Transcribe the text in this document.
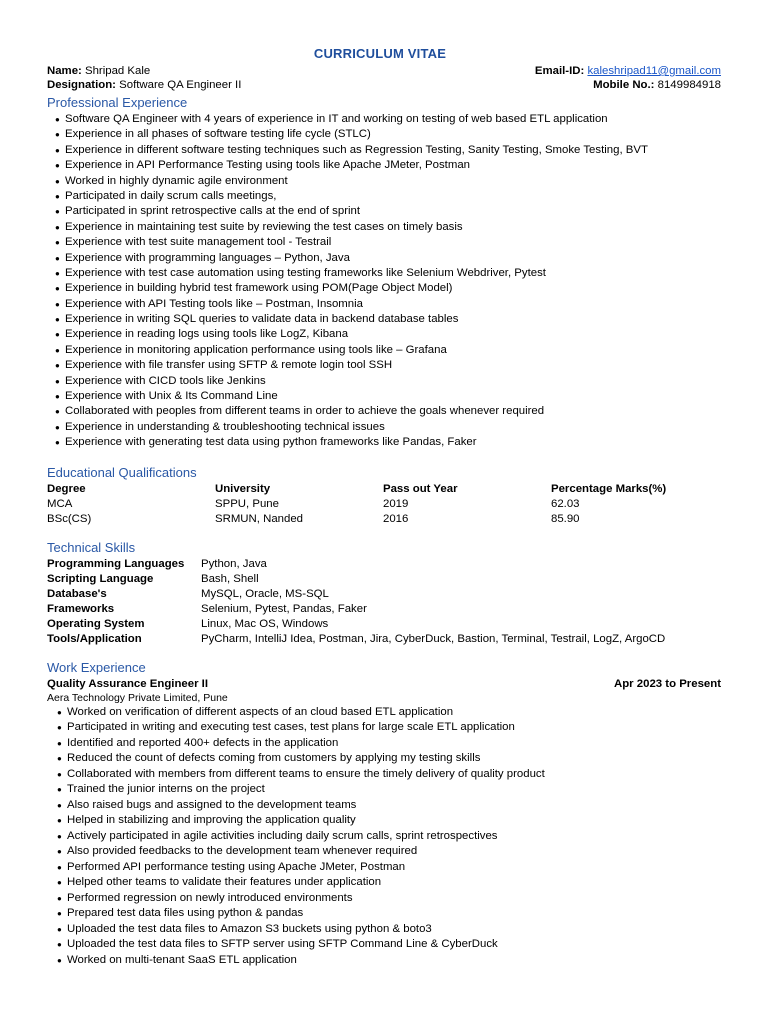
CURRICULUM VITAE
Name: Shripad Kale	Email-ID: kaleshripad11@gmail.com
Designation: Software QA Engineer II	Mobile No.: 8149984918
Professional Experience
● Software QA Engineer with 4 years of experience in IT and working on testing of web based ETL application
● Experience in all phases of software testing life cycle (STLC)
● Experience in different software testing techniques such as Regression Testing, Sanity Testing, Smoke Testing, BVT
● Experience in API Performance Testing using tools like Apache JMeter, Postman
● Worked in highly dynamic agile environment
● Participated in daily scrum calls meetings,
● Participated in sprint retrospective calls at the end of sprint
● Experience in maintaining test suite by reviewing the test cases on timely basis
● Experience with test suite management tool - Testrail
● Experience with programming languages – Python, Java
● Experience with test case automation using testing frameworks like Selenium Webdriver, Pytest
● Experience in building hybrid test framework using POM(Page Object Model)
● Experience with API Testing tools like – Postman, Insomnia
● Experience in writing SQL queries to validate data in backend database tables
● Experience in reading logs using tools like LogZ, Kibana
● Experience in monitoring application performance using tools like – Grafana
● Experience with file transfer using SFTP & remote login tool SSH
● Experience with CICD tools like Jenkins
● Experience with Unix & Its Command Line
● Collaborated with peoples from different teams in order to achieve the goals whenever required
● Experience in understanding & troubleshooting technical issues
● Experience with generating test data using python frameworks like Pandas, Faker
Educational Qualifications
Degree	University	Pass out Year	Percentage Marks(%)
MCA	SPPU, Pune	2019	62.03
BSc(CS)	SRMUN, Nanded	2016	85.90
Technical Skills
Programming Languages	Python, Java
Scripting Language	Bash, Shell
Database's	MySQL, Oracle, MS-SQL
Frameworks	Selenium, Pytest, Pandas, Faker
Operating System	Linux, Mac OS, Windows
Tools/Application	PyCharm, IntelliJ Idea, Postman, Jira, CyberDuck, Bastion, Terminal, Testrail, LogZ, ArgoCD
Work Experience
Quality Assurance Engineer II	Apr 2023 to Present
Aera Technology Private Limited, Pune
● Worked on verification of different aspects of an cloud based ETL application
● Participated in writing and executing test cases, test plans for large scale ETL application
● Identified and reported 400+ defects in the application
● Reduced the count of defects coming from customers by applying my testing skills
● Collaborated with members from different teams to ensure the timely delivery of quality product
● Trained the junior interns on the project
● Also raised bugs and assigned to the development teams
● Helped in stabilizing and improving the application quality
● Actively participated in agile activities including daily scrum calls, sprint retrospectives
● Also provided feedbacks to the development team whenever required
● Performed API performance testing using Apache JMeter, Postman
● Helped other teams to validate their features under application
● Performed regression on newly introduced environments
● Prepared test data files using python & pandas
● Uploaded the test data files to Amazon S3 buckets using python & boto3
● Uploaded the test data files to SFTP server using SFTP Command Line & CyberDuck
● Worked on multi-tenant SaaS ETL application
